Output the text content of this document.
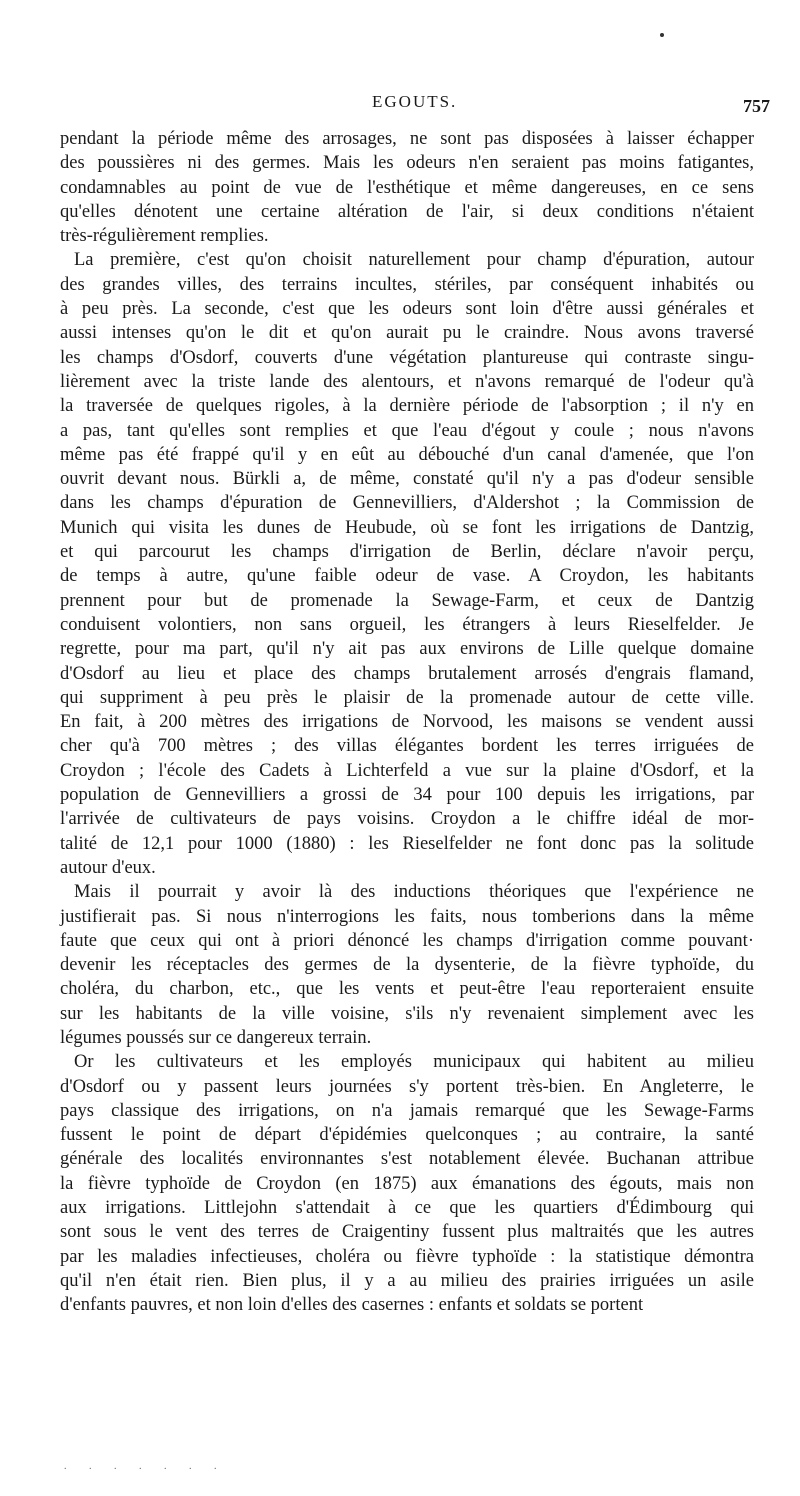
EGOUTS.	757
pendant la période même des arrosages, ne sont pas disposées à laisser échapper
des poussières ni des germes. Mais les odeurs n'en seraient pas moins fatigantes,
condamnables au point de vue de l'esthétique et même dangereuses, en ce sens
qu'elles dénotent une certaine altération de l'air, si deux conditions n'étaient
très-régulièrement remplies.
La première, c'est qu'on choisit naturellement pour champ d'épuration, autour
des grandes villes, des terrains incultes, stériles, par conséquent inhabités ou
à peu près. La seconde, c'est que les odeurs sont loin d'être aussi générales et
aussi intenses qu'on le dit et qu'on aurait pu le craindre. Nous avons traversé
les champs d'Osdorf, couverts d'une végétation plantureuse qui contraste singu-
lièrement avec la triste lande des alentours, et n'avons remarqué de l'odeur qu'à
la traversée de quelques rigoles, à la dernière période de l'absorption ; il n'y en
a pas, tant qu'elles sont remplies et que l'eau d'égout y coule ; nous n'avons
même pas été frappé qu'il y en eût au débouché d'un canal d'amenée, que l'on
ouvrit devant nous. Bürkli a, de même, constaté qu'il n'y a pas d'odeur sensible
dans les champs d'épuration de Gennevilliers, d'Aldershot ; la Commission de
Munich qui visita les dunes de Heubude, où se font les irrigations de Dantzig,
et qui parcourut les champs d'irrigation de Berlin, déclare n'avoir perçu,
de temps à autre, qu'une faible odeur de vase. A Croydon, les habitants
prennent pour but de promenade la Sewage-Farm, et ceux de Dantzig
conduisent volontiers, non sans orgueil, les étrangers à leurs Rieselfelder. Je
regrette, pour ma part, qu'il n'y ait pas aux environs de Lille quelque domaine
d'Osdorf au lieu et place des champs brutalement arrosés d'engrais flamand,
qui suppriment à peu près le plaisir de la promenade autour de cette ville.
En fait, à 200 mètres des irrigations de Norvood, les maisons se vendent aussi
cher qu'à 700 mètres ; des villas élégantes bordent les terres irriguées de
Croydon ; l'école des Cadets à Lichterfeld a vue sur la plaine d'Osdorf, et la
population de Gennevilliers a grossi de 34 pour 100 depuis les irrigations, par
l'arrivée de cultivateurs de pays voisins. Croydon a le chiffre idéal de mor-
talité de 12,1 pour 1000 (1880) : les Rieselfelder ne font donc pas la solitude
autour d'eux.
Mais il pourrait y avoir là des inductions théoriques que l'expérience ne
justifierait pas. Si nous n'interrogions les faits, nous tomberions dans la même
faute que ceux qui ont à priori dénoncé les champs d'irrigation comme pouvant·
devenir les réceptacles des germes de la dysenterie, de la fièvre typhoïde, du
choléra, du charbon, etc., que les vents et peut-être l'eau reporteraient ensuite
sur les habitants de la ville voisine, s'ils n'y revenaient simplement avec les
légumes poussés sur ce dangereux terrain.
Or les cultivateurs et les employés municipaux qui habitent au milieu
d'Osdorf ou y passent leurs journées s'y portent très-bien. En Angleterre, le
pays classique des irrigations, on n'a jamais remarqué que les Sewage-Farms
fussent le point de départ d'épidémies quelconques ; au contraire, la santé
générale des localités environnantes s'est notablement élevée. Buchanan attribue
la fièvre typhoïde de Croydon (en 1875) aux émanations des égouts, mais non
aux irrigations. Littlejohn s'attendait à ce que les quartiers d'Édimbourg qui
sont sous le vent des terres de Craigentiny fussent plus maltraités que les autres
par les maladies infectieuses, choléra ou fièvre typhoïde : la statistique démontra
qu'il n'en était rien. Bien plus, il y a au milieu des prairies irriguées un asile
d'enfants pauvres, et non loin d'elles des casernes : enfants et soldats se portent
. . . . . . .
